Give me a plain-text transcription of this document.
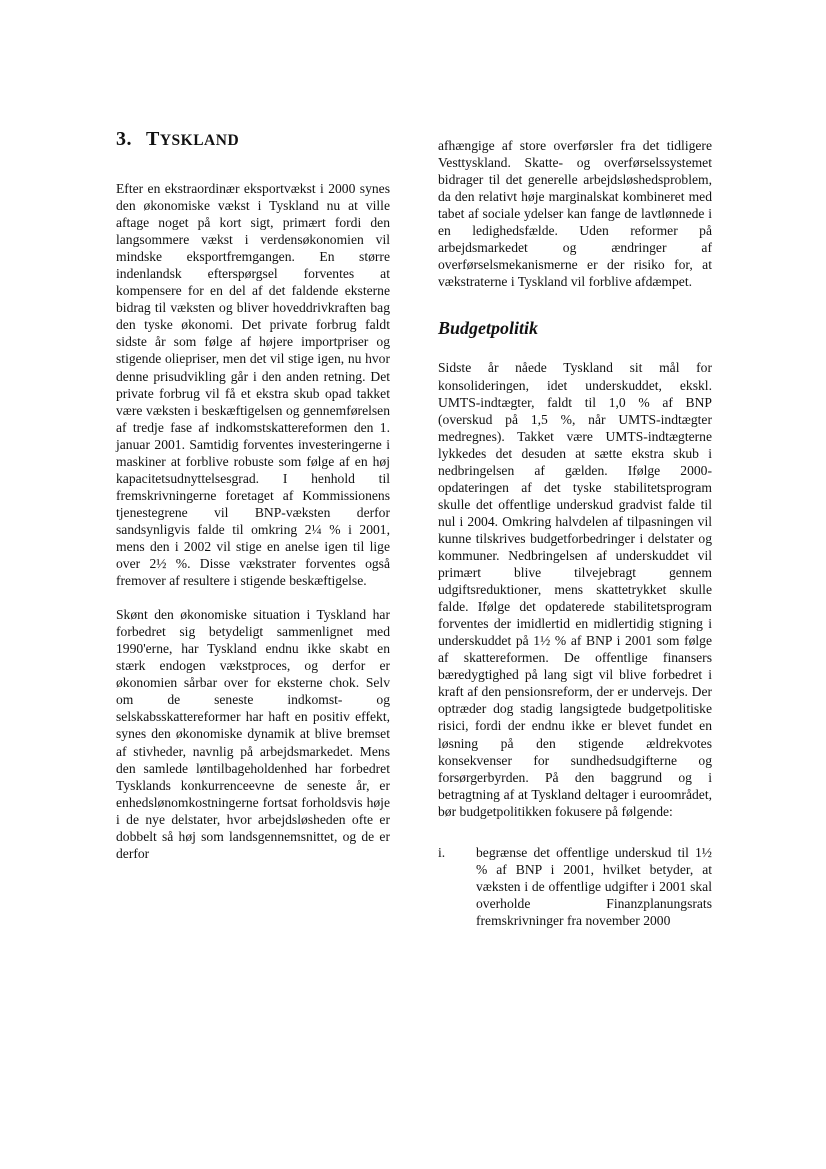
3. TYSKLAND

Efter en ekstraordinær eksportvækst i 2000 synes den økonomiske vækst i Tyskland nu at ville aftage noget på kort sigt, primært fordi den langsommere vækst i verdensøkonomien vil mindske eksportfremgangen. En større indenlandsk efterspørgsel forventes at kompensere for en del af det faldende eksterne bidrag til væksten og bliver hoveddrivkraften bag den tyske økonomi. Det private forbrug faldt sidste år som følge af højere importpriser og stigende oliepriser, men det vil stige igen, nu hvor denne prisudvikling går i den anden retning. Det private forbrug vil få et ekstra skub opad takket være væksten i beskæftigelsen og gennemførelsen af tredje fase af indkomstskattereformen den 1. januar 2001. Samtidig forventes investeringerne i maskiner at forblive robuste som følge af en høj kapacitetsudnyttelsesgrad. I henhold til fremskrivningerne foretaget af Kommissionens tjenestegrene vil BNP-væksten derfor sandsynligvis falde til omkring 2¼ % i 2001, mens den i 2002 vil stige en anelse igen til lige over 2½ %. Disse vækstrater forventes også fremover af resultere i stigende beskæftigelse.

Skønt den økonomiske situation i Tyskland har forbedret sig betydeligt sammenlignet med 1990'erne, har Tyskland endnu ikke skabt en stærk endogen vækstproces, og derfor er økonomien sårbar over for eksterne chok. Selv om de seneste indkomst- og selskabsskattereformer har haft en positiv effekt, synes den økonomiske dynamik at blive bremset af stivheder, navnlig på arbejdsmarkedet. Mens den samlede løntilbageholdenhed har forbedret Tysklands konkurrenceevne de seneste år, er enhedslønomkostningerne fortsat forholdsvis høje i de nye delstater, hvor arbejdsløsheden ofte er dobbelt så høj som landsgennemsnittet, og de er derfor

afhængige af store overførsler fra det tidligere Vesttyskland. Skatte- og overførselssystemet bidrager til det generelle arbejdsløshedsproblem, da den relativt høje marginalskat kombineret med tabet af sociale ydelser kan fange de lavtlønnede i en ledighedsfælde. Uden reformer på arbejdsmarkedet og ændringer af overførselsmekanismerne er der risiko for, at vækstraterne i Tyskland vil forblive afdæmpet.

Budgetpolitik

Sidste år nåede Tyskland sit mål for konsolideringen, idet underskuddet, ekskl. UMTS-indtægter, faldt til 1,0 % af BNP (overskud på 1,5 %, når UMTS-indtægter medregnes). Takket være UMTS-indtægterne lykkedes det desuden at sætte ekstra skub i nedbringelsen af gælden. Ifølge 2000-opdateringen af det tyske stabilitetsprogram skulle det offentlige underskud gradvist falde til nul i 2004. Omkring halvdelen af tilpasningen vil kunne tilskrives budgetforbedringer i delstater og kommuner. Nedbringelsen af underskuddet vil primært blive tilvejebragt gennem udgiftsreduktioner, mens skattetrykket skulle falde. Ifølge det opdaterede stabilitetsprogram forventes der imidlertid en midlertidig stigning i underskuddet på 1½ % af BNP i 2001 som følge af skattereformen. De offentlige finansers bæredygtighed på lang sigt vil blive forbedret i kraft af den pensionsreform, der er undervejs. Der optræder dog stadig langsigtede budgetpolitiske risici, fordi der endnu ikke er blevet fundet en løsning på den stigende ældrekvotes konsekvenser for sundhedsudgifterne og forsørgerbyrden. På den baggrund og i betragtning af at Tyskland deltager i euroområdet, bør budgetpolitikken fokusere på følgende:

i.	begrænse det offentlige underskud til 1½ % af BNP i 2001, hvilket betyder, at væksten i de offentlige udgifter i 2001 skal overholde Finanzplanungsrats fremskrivninger fra november 2000
